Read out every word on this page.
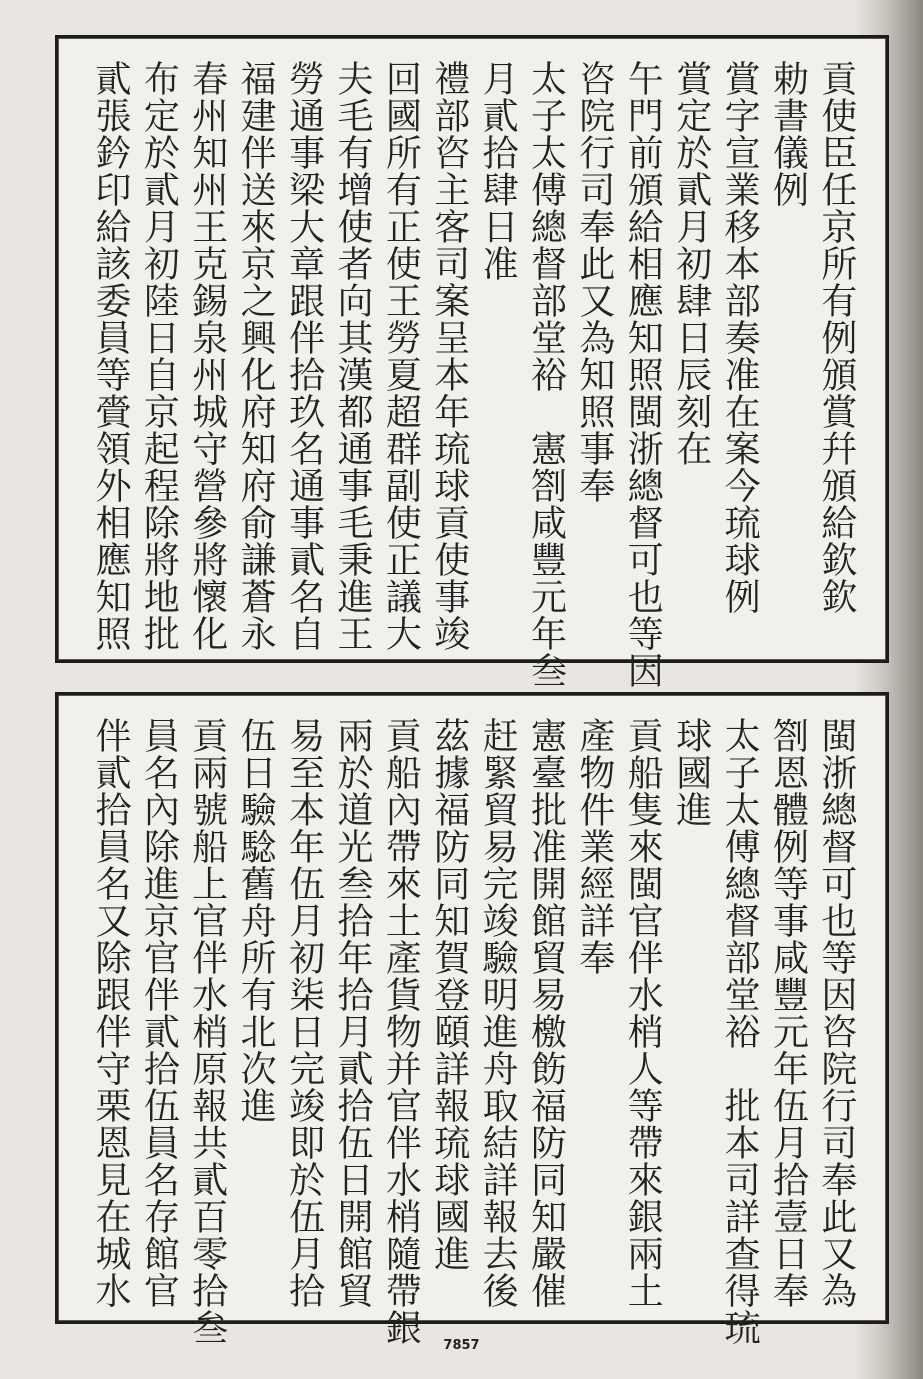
貢使臣任京所有例頒賞幷頒給欽欽
勅書儀例
賞字宣業移本部奏准在案今琉球例
賞定於貳月初肆日辰刻在
午門前頒給相應知照閩浙總督可也等因
咨院行司奉此又為知照事奉
太子太傅總督部堂裕　憲劄咸豐元年叁
月貳拾肆日准
禮部咨主客司案呈本年琉球貢使事竣
回國所有正使王勞夏超群副使正議大
夫毛有增使者向其漢都通事毛秉進王
勞通事梁大章跟伴拾玖名通事貳名自
福建伴送來京之興化府知府俞謙蒼永
春州知州王克錫泉州城守營參將懷化
布定於貳月初陸日自京起程除將地批
貳張鈐印給該委員等賫領外相應知照
閩浙總督可也等因咨院行司奉此又為
劄恩體例等事咸豐元年伍月拾壹日奉
太子太傅總督部堂裕　批本司詳查得琉
球國進
貢船隻來閩官伴水梢人等帶來銀兩土
產物件業經詳奉
憲臺批准開館貿易檄飭福防同知嚴催
赶緊貿易完竣驗明進舟取結詳報去後
茲據福防同知賀登頤詳報琉球國進
貢船內帶來土產貨物并官伴水梢隨帶銀
兩於道光叁拾年拾月貳拾伍日開館貿
易至本年伍月初柒日完竣即於伍月拾
伍日驗騐舊舟所有北次進
貢兩號船上官伴水梢原報共貳百零拾叁
員名內除進京官伴貳拾伍員名存館官
伴貳拾員名又除跟伴守栗恩見在城水
7857
